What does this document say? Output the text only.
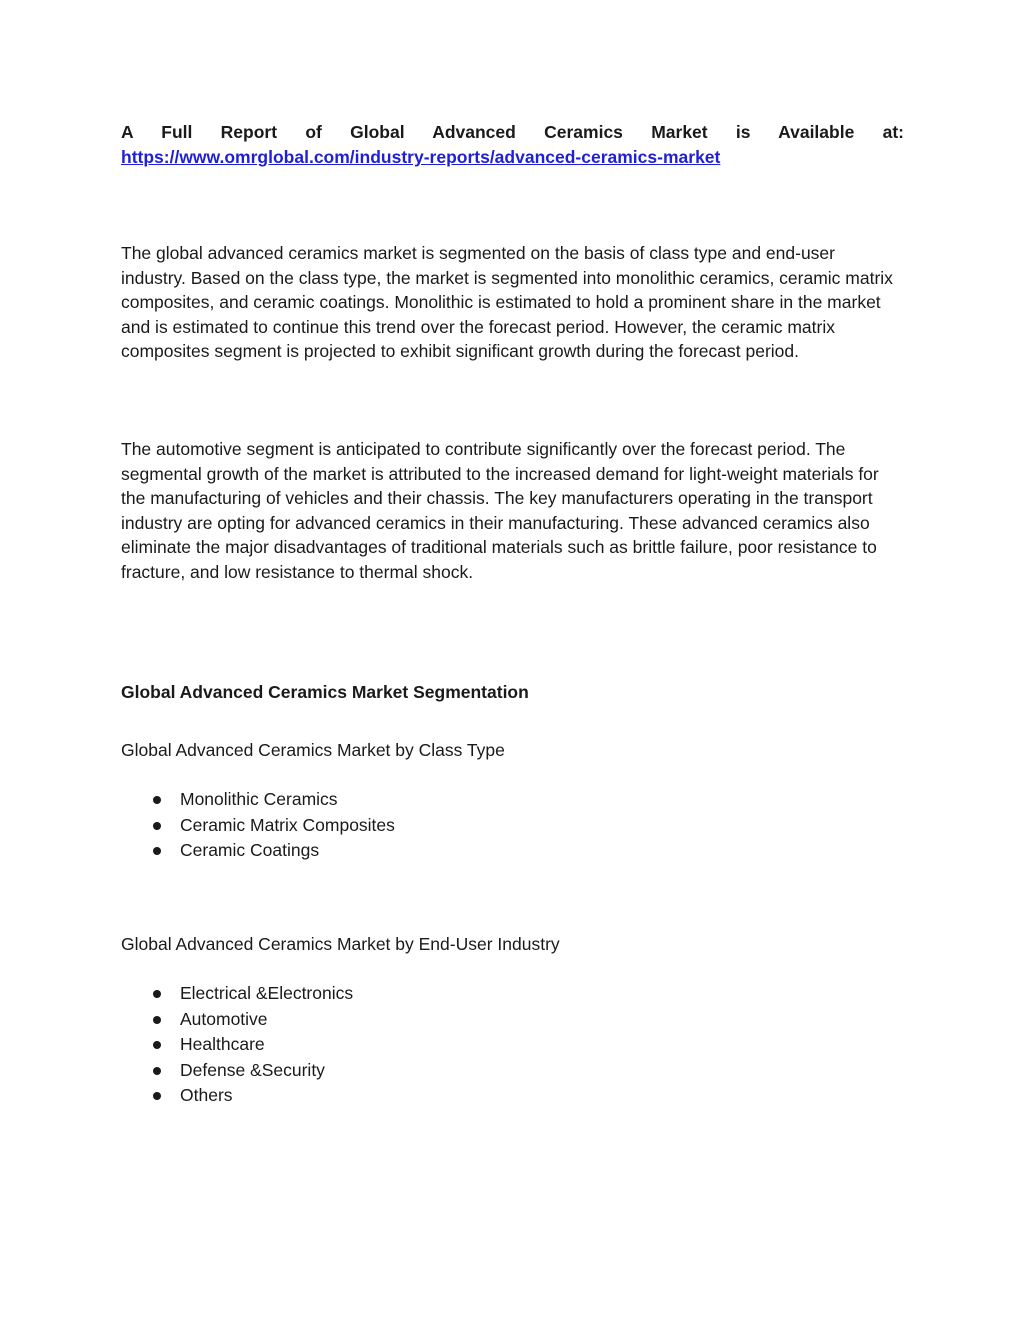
A Full Report of Global Advanced Ceramics Market is Available at:
https://www.omrglobal.com/industry-reports/advanced-ceramics-market

The global advanced ceramics market is segmented on the basis of class type and end-user industry. Based on the class type, the market is segmented into monolithic ceramics, ceramic matrix composites, and ceramic coatings. Monolithic is estimated to hold a prominent share in the market and is estimated to continue this trend over the forecast period. However, the ceramic matrix composites segment is projected to exhibit significant growth during the forecast period.

The automotive segment is anticipated to contribute significantly over the forecast period. The segmental growth of the market is attributed to the increased demand for light-weight materials for the manufacturing of vehicles and their chassis. The key manufacturers operating in the transport industry are opting for advanced ceramics in their manufacturing. These advanced ceramics also eliminate the major disadvantages of traditional materials such as brittle failure, poor resistance to fracture, and low resistance to thermal shock.

Global Advanced Ceramics Market Segmentation
Global Advanced Ceramics Market by Class Type
Monolithic Ceramics
Ceramic Matrix Composites
Ceramic Coatings
Global Advanced Ceramics Market by End-User Industry
Electrical &Electronics
Automotive
Healthcare
Defense &Security
Others
